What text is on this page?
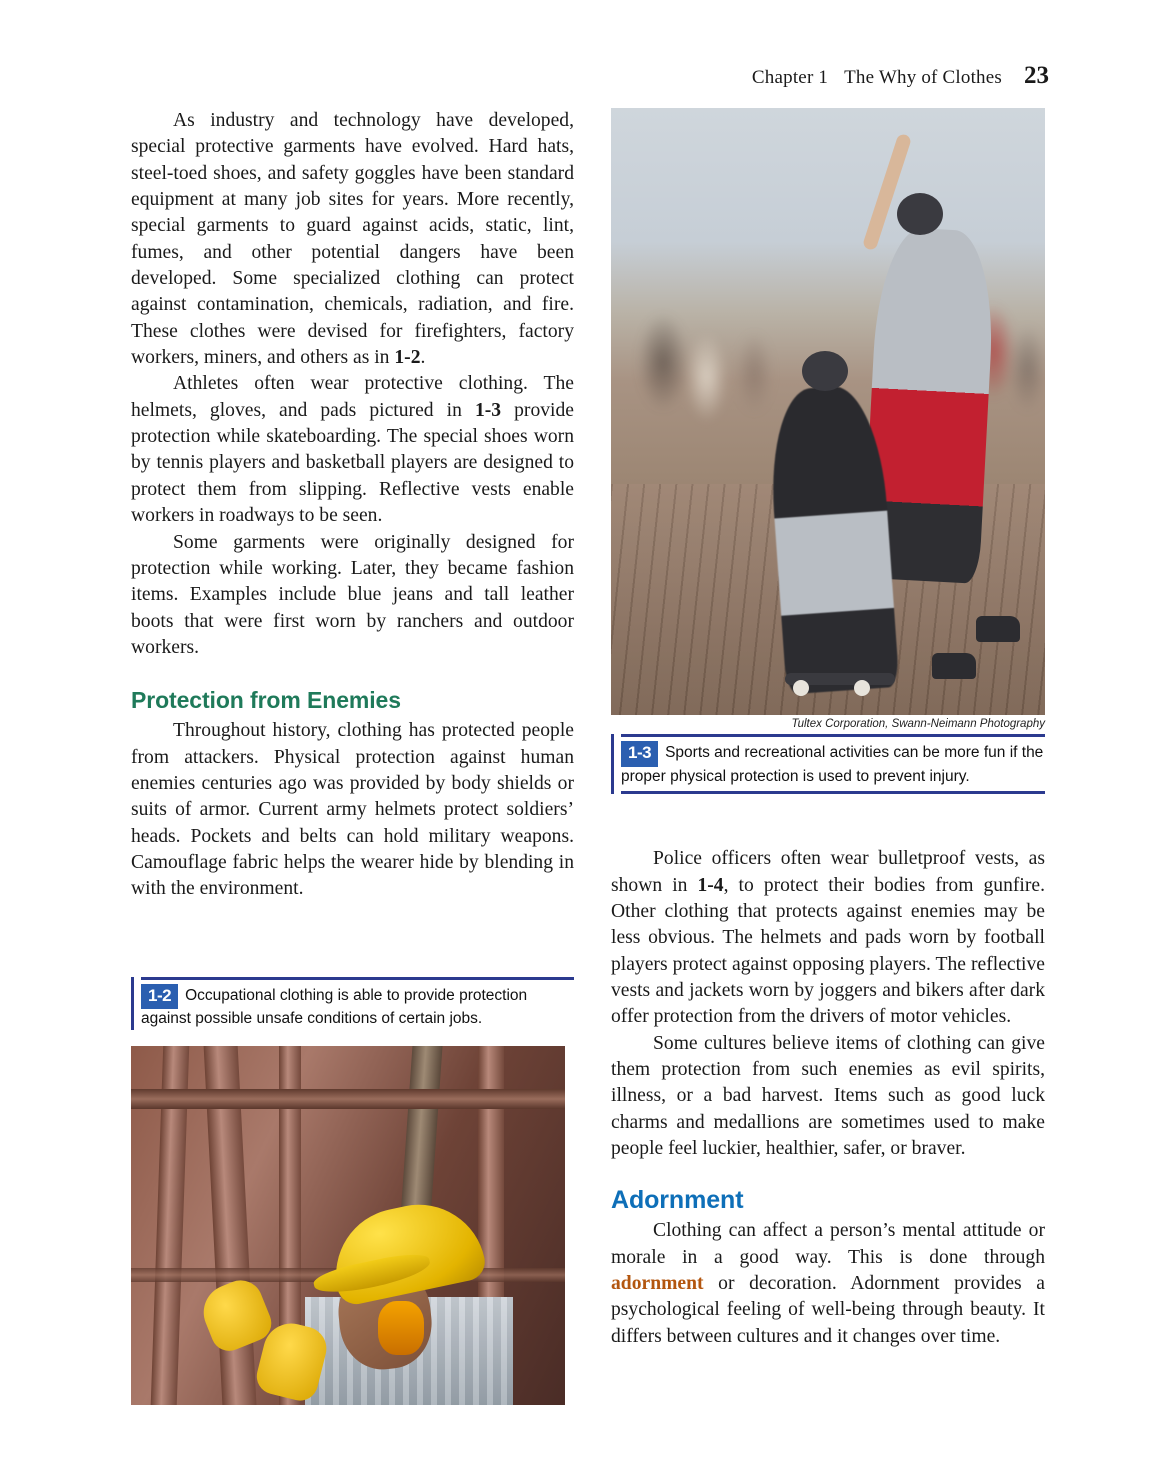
Chapter 1 The Why of Clothes 23

As industry and technology have developed, special protective garments have evolved. Hard hats, steel-toed shoes, and safety goggles have been standard equipment at many job sites for years. More recently, special garments to guard against acids, static, lint, fumes, and other potential dangers have been developed. Some specialized clothing can protect against contamination, chemicals, radiation, and fire. These clothes were devised for firefighters, factory workers, miners, and others as in 1-2.

Athletes often wear protective clothing. The helmets, gloves, and pads pictured in 1-3 provide protection while skateboarding. The special shoes worn by tennis players and basketball players are designed to protect them from slipping. Reflective vests enable workers in roadways to be seen.

Some garments were originally designed for protection while working. Later, they became fashion items. Examples include blue jeans and tall leather boots that were first worn by ranchers and outdoor workers.

Protection from Enemies

Throughout history, clothing has protected people from attackers. Physical protection against human enemies centuries ago was provided by body shields or suits of armor. Current army helmets protect soldiers’ heads. Pockets and belts can hold military weapons. Camouflage fabric helps the wearer hide by blending in with the environment.

1-2 Occupational clothing is able to provide protection against possible unsafe conditions of certain jobs.
Tultex Corporation, Swann-Neimann Photography
1-3 Sports and recreational activities can be more fun if the proper physical protection is used to prevent injury.

Police officers often wear bulletproof vests, as shown in 1-4, to protect their bodies from gunfire. Other clothing that protects against enemies may be less obvious. The helmets and pads worn by football players protect against opposing players. The reflective vests and jackets worn by joggers and bikers after dark offer protection from the drivers of motor vehicles.

Some cultures believe items of clothing can give them protection from such enemies as evil spirits, illness, or a bad harvest. Items such as good luck charms and medallions are sometimes used to make people feel luckier, healthier, safer, or braver.

Adornment

Clothing can affect a person’s mental attitude or morale in a good way. This is done through adornment or decoration. Adornment provides a psychological feeling of well-being through beauty. It differs between cultures and it changes over time.
